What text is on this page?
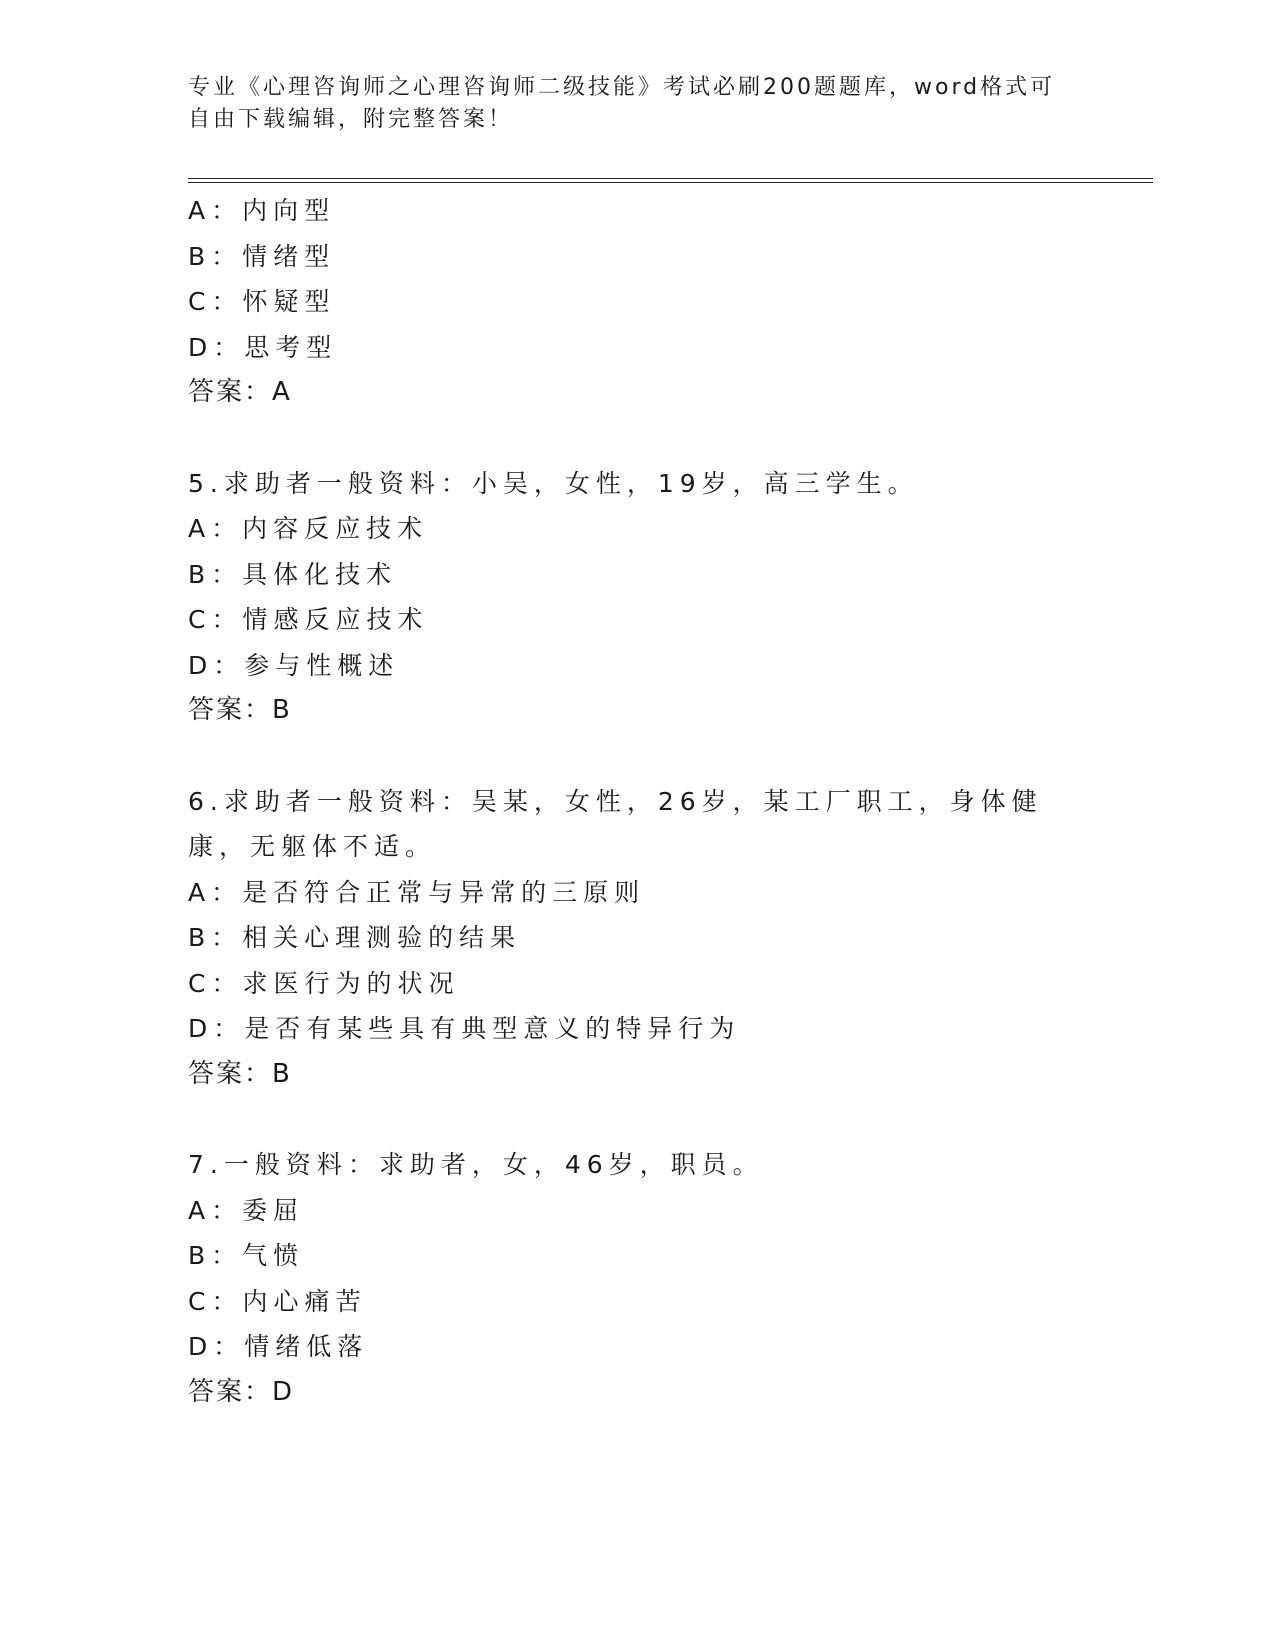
专业《心理咨询师之心理咨询师二级技能》考试必刷200题题库，word格式可自由下载编辑，附完整答案！
A：内向型
B：情绪型
C：怀疑型
D：思考型
答案：A
5.求助者一般资料：小吴，女性，19岁，高三学生。
A：内容反应技术
B：具体化技术
C：情感反应技术
D：参与性概述
答案：B
6.求助者一般资料：吴某，女性，26岁，某工厂职工，身体健康，无躯体不适。
A：是否符合正常与异常的三原则
B：相关心理测验的结果
C：求医行为的状况
D：是否有某些具有典型意义的特异行为
答案：B
7.一般资料：求助者，女，46岁，职员。
A：委屈
B：气愤
C：内心痛苦
D：情绪低落
答案：D
